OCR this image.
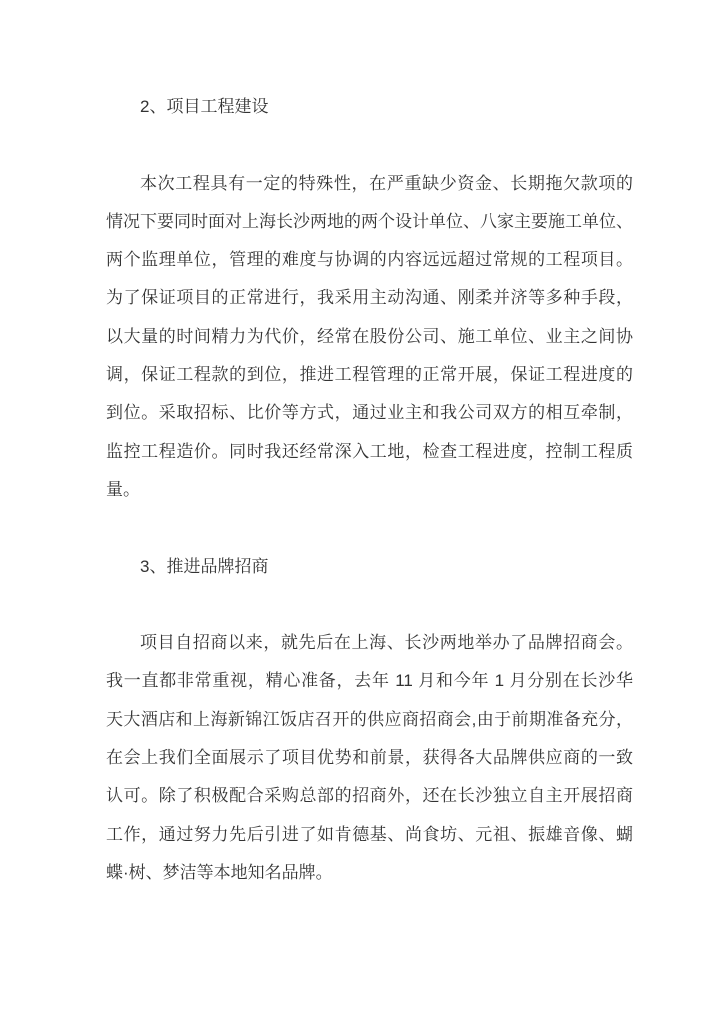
2、项目工程建设
本次工程具有一定的特殊性，在严重缺少资金、长期拖欠款项的
情况下要同时面对上海长沙两地的两个设计单位、八家主要施工单位、
两个监理单位，管理的难度与协调的内容远远超过常规的工程项目。
为了保证项目的正常进行，我采用主动沟通、刚柔并济等多种手段，
以大量的时间精力为代价，经常在股份公司、施工单位、业主之间协
调，保证工程款的到位，推进工程管理的正常开展，保证工程进度的
到位。采取招标、比价等方式，通过业主和我公司双方的相互牵制，
监控工程造价。同时我还经常深入工地，检查工程进度，控制工程质
量。
3、推进品牌招商
项目自招商以来，就先后在上海、长沙两地举办了品牌招商会。
我一直都非常重视，精心准备，去年 11 月和今年 1 月分别在长沙华
天大酒店和上海新锦江饭店召开的供应商招商会,由于前期准备充分，
在会上我们全面展示了项目优势和前景，获得各大品牌供应商的一致
认可。除了积极配合采购总部的招商外，还在长沙独立自主开展招商
工作，通过努力先后引进了如肯德基、尚食坊、元祖、振雄音像、蝴
蝶·树、梦洁等本地知名品牌。
